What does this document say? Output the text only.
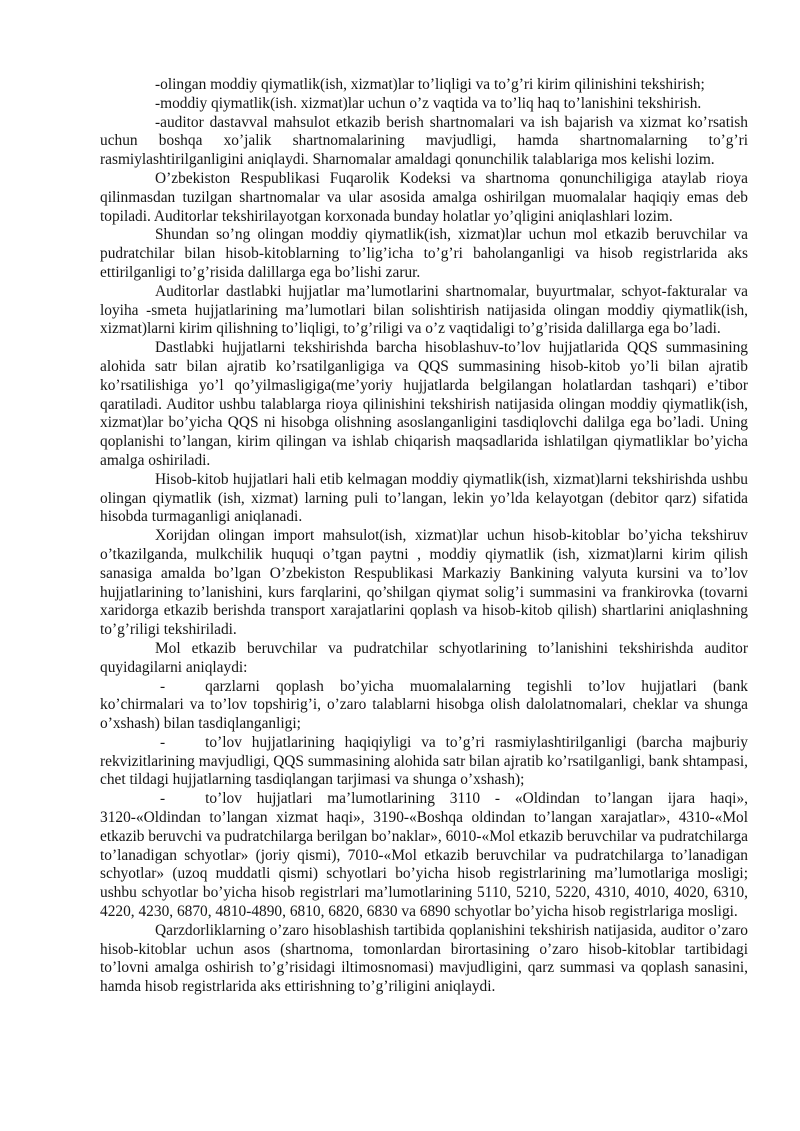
-olingan moddiy qiymatlik(ish, xizmat)lar to’liqligi va to’g’ri kirim qilinishini tekshirish;

-moddiy qiymatlik(ish. xizmat)lar uchun o’z vaqtida va to’liq haq to’lanishini tekshirish.

-auditor dastavval mahsulot etkazib berish shartnomalari va ish bajarish va xizmat ko’rsatish uchun boshqa xo’jalik shartnomalarining mavjudligi, hamda shartnomalarning to’g’ri rasmiylashtirilganligini aniqlaydi. Sharnomalar amaldagi qonunchilik talablariga mos kelishi lozim.

O’zbekiston Respublikasi Fuqarolik Kodeksi va shartnoma qonunchiligiga ataylab rioya qilinmasdan tuzilgan shartnomalar va ular asosida amalga oshirilgan muomalalar haqiqiy emas deb topiladi. Auditorlar tekshirilayotgan korxonada bunday holatlar yo’qligini aniqlashlari lozim.

Shundan so’ng olingan moddiy qiymatlik(ish, xizmat)lar uchun mol etkazib beruvchilar va pudratchilar bilan hisob-kitoblarning to’lig’icha to’g’ri baholanganligi va hisob registrlarida aks ettirilganligi to’g’risida dalillarga ega bo’lishi zarur.

Auditorlar dastlabki hujjatlar ma’lumotlarini shartnomalar, buyurtmalar, schyot-fakturalar va loyiha -smeta hujjatlarining ma’lumotlari bilan solishtirish natijasida olingan moddiy qiymatlik(ish, xizmat)larni kirim qilishning to’liqligi, to’g’riligi va o’z vaqtidaligi to’g’risida dalillarga ega bo’ladi.

Dastlabki hujjatlarni tekshirishda barcha hisoblashuv-to’lov hujjatlarida QQS summasining alohida satr bilan ajratib ko’rsatilganligiga va QQS summasining hisob-kitob yo’li bilan ajratib ko’rsatilishiga yo’l qo’yilmasligiga(me’yoriy hujjatlarda belgilangan holatlardan tashqari) e’tibor qaratiladi. Auditor ushbu talablarga rioya qilinishini tekshirish natijasida olingan moddiy qiymatlik(ish, xizmat)lar bo’yicha QQS ni hisobga olishning asoslanganligini tasdiqlovchi dalilga ega bo’ladi. Uning qoplanishi to’langan, kirim qilingan va ishlab chiqarish maqsadlarida ishlatilgan qiymatliklar bo’yicha amalga oshiriladi.

Hisob-kitob hujjatlari hali etib kelmagan moddiy qiymatlik(ish, xizmat)larni tekshirishda ushbu olingan qiymatlik (ish, xizmat) larning puli to’langan, lekin yo’lda kelayotgan (debitor qarz) sifatida hisobda turmaganligi aniqlanadi.

Xorijdan olingan import mahsulot(ish, xizmat)lar uchun hisob-kitoblar bo’yicha tekshiruv o’tkazilganda, mulkchilik huquqi o’tgan paytni , moddiy qiymatlik (ish, xizmat)larni kirim qilish sanasiga amalda bo’lgan O’zbekiston Respublikasi Markaziy Bankining valyuta kursini va to’lov hujjatlarining to’lanishini, kurs farqlarini, qo’shilgan qiymat solig’i summasini va frankirovka (tovarni xaridorga etkazib berishda transport xarajatlarini qoplash va hisob-kitob qilish) shartlarini aniqlashning to’g’riligi tekshiriladi.

Mol etkazib beruvchilar va pudratchilar schyotlarining to’lanishini tekshirishda auditor quyidagilarni aniqlaydi:

-	qarzlarni qoplash bo’yicha muomalalarning tegishli to’lov hujjatlari (bank ko’chirmalari va to’lov topshirig’i, o’zaro talablarni hisobga olish dalolatnomalari, cheklar va shunga o’xshash) bilan tasdiqlanganligi;

-	to’lov hujjatlarining haqiqiyligi va to’g’ri rasmiylashtirilganligi (barcha majburiy rekvizitlarining mavjudligi, QQS summasining alohida satr bilan ajratib ko’rsatilganligi, bank shtampasi, chet tildagi hujjatlarning tasdiqlangan tarjimasi va shunga o’xshash);

-	to’lov hujjatlari ma’lumotlarining 3110 - «Oldindan to’langan ijara haqi», 3120-«Oldindan to’langan xizmat haqi», 3190-«Boshqa oldindan to’langan xarajatlar», 4310-«Mol etkazib beruvchi va pudratchilarga berilgan bo’naklar», 6010-«Mol etkazib beruvchilar va pudratchilarga to’lanadigan schyotlar» (joriy qismi), 7010-«Mol etkazib beruvchilar va pudratchilarga to’lanadigan schyotlar» (uzoq muddatli qismi) schyotlari bo’yicha hisob registrlarining ma’lumotlariga mosligi; ushbu schyotlar bo’yicha hisob registrlari ma’lumotlarining 5110, 5210, 5220, 4310, 4010, 4020, 6310, 4220, 4230, 6870, 4810-4890, 6810, 6820, 6830 va 6890 schyotlar bo’yicha hisob registrlariga mosligi.

Qarzdorliklarning o’zaro hisoblashish tartibida qoplanishini tekshirish natijasida, auditor o’zaro hisob-kitoblar uchun asos (shartnoma, tomonlardan birortasining o’zaro hisob-kitoblar tartibidagi to’lovni amalga oshirish to’g’risidagi iltimosnomasi) mavjudligini, qarz summasi va qoplash sanasini, hamda hisob registrlarida aks ettirishning to’g’riligini aniqlaydi.
